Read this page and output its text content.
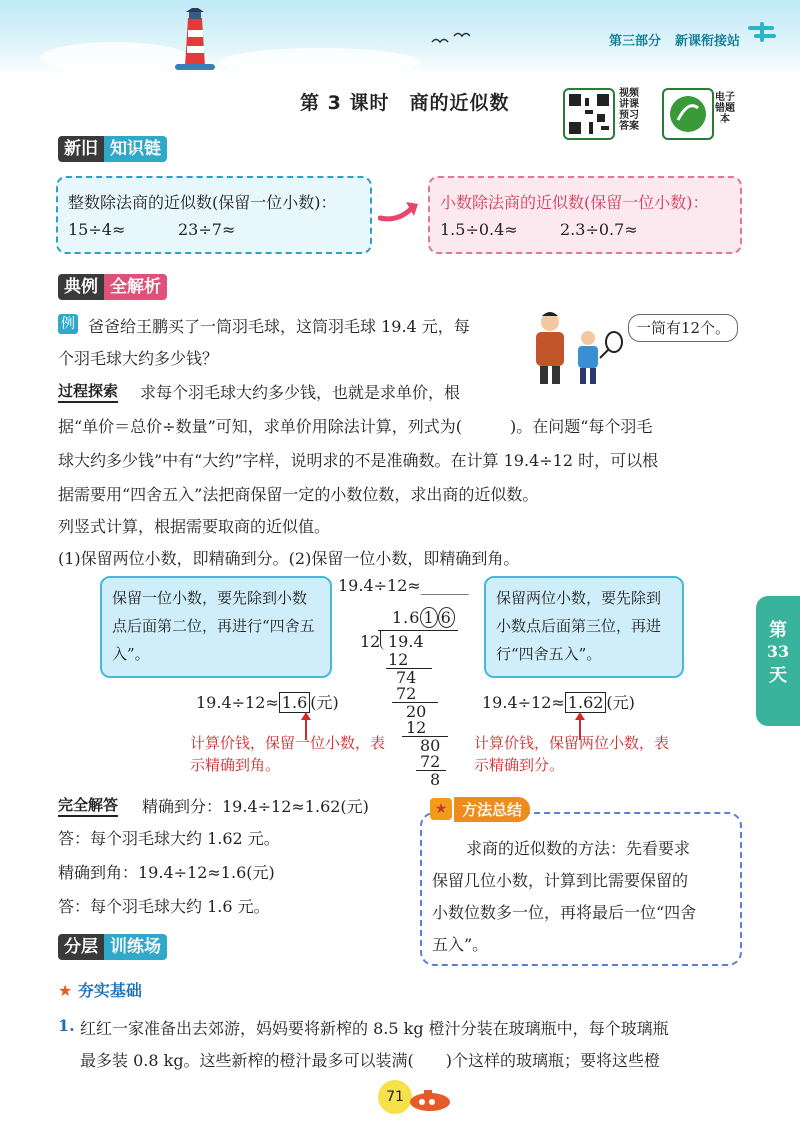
第三部分 新课衔接站
第 3 课时　商的近似数	视频讲课预习答案
电子错题本
新旧 知识链
整数除法商的近似数(保留一位小数)：
15÷4≈	23÷7≈
小数除法商的近似数(保留一位小数)：
1.5÷0.4≈	2.3÷0.7≈
典例 全解析
例 爸爸给王鹏买了一筒羽毛球，这筒羽毛球 19.4 元，每
个羽毛球大约多少钱？
一筒有12个。
过程探索 求每个羽毛球大约多少钱，也就是求单价，根
据“单价＝总价÷数量”可知，求单价用除法计算，列式为(　　　)。在问题“每个羽毛
球大约多少钱”中有“大约”字样，说明求的不是准确数。在计算 19.4÷12 时，可以根
据需要用“四舍五入”法把商保留一定的小数位数，求出商的近似数。
列竖式计算，根据需要取商的近似值。
(1)保留两位小数，即精确到分。(2)保留一位小数，即精确到角。
保留一位小数，要先除到小数点后面第二位，再进行“四舍五入”。
保留两位小数，要先除到小数点后面第三位，再进行“四舍五入”。
19.4÷12≈______
1.6 1 6
12 19.4
12
74
72
20
12
80
72
8
19.4÷12≈ 1.6 (元)	19.4÷12≈ 1.62 (元)
计算价钱，保留一位小数，表示精确到角。
计算价钱，保留两位小数，表示精确到分。
完全解答 精确到分：19.4÷12≈1.62(元)
答：每个羽毛球大约 1.62 元。
精确到角：19.4÷12≈1.6(元)
答：每个羽毛球大约 1.6 元。
★ 方法总结
求商的近似数的方法：先看要求
保留几位小数，计算到比需要保留的
小数位数多一位，再将最后一位“四舍
五入”。
分层 训练场
★ 夯实基础
1. 红红一家准备出去郊游，妈妈要将新榨的 8.5 kg 橙汁分装在玻璃瓶中，每个玻璃瓶
最多装 0.8 kg。这些新榨的橙汁最多可以装满(　　)个这样的玻璃瓶；要将这些橙
第
33
天
71
